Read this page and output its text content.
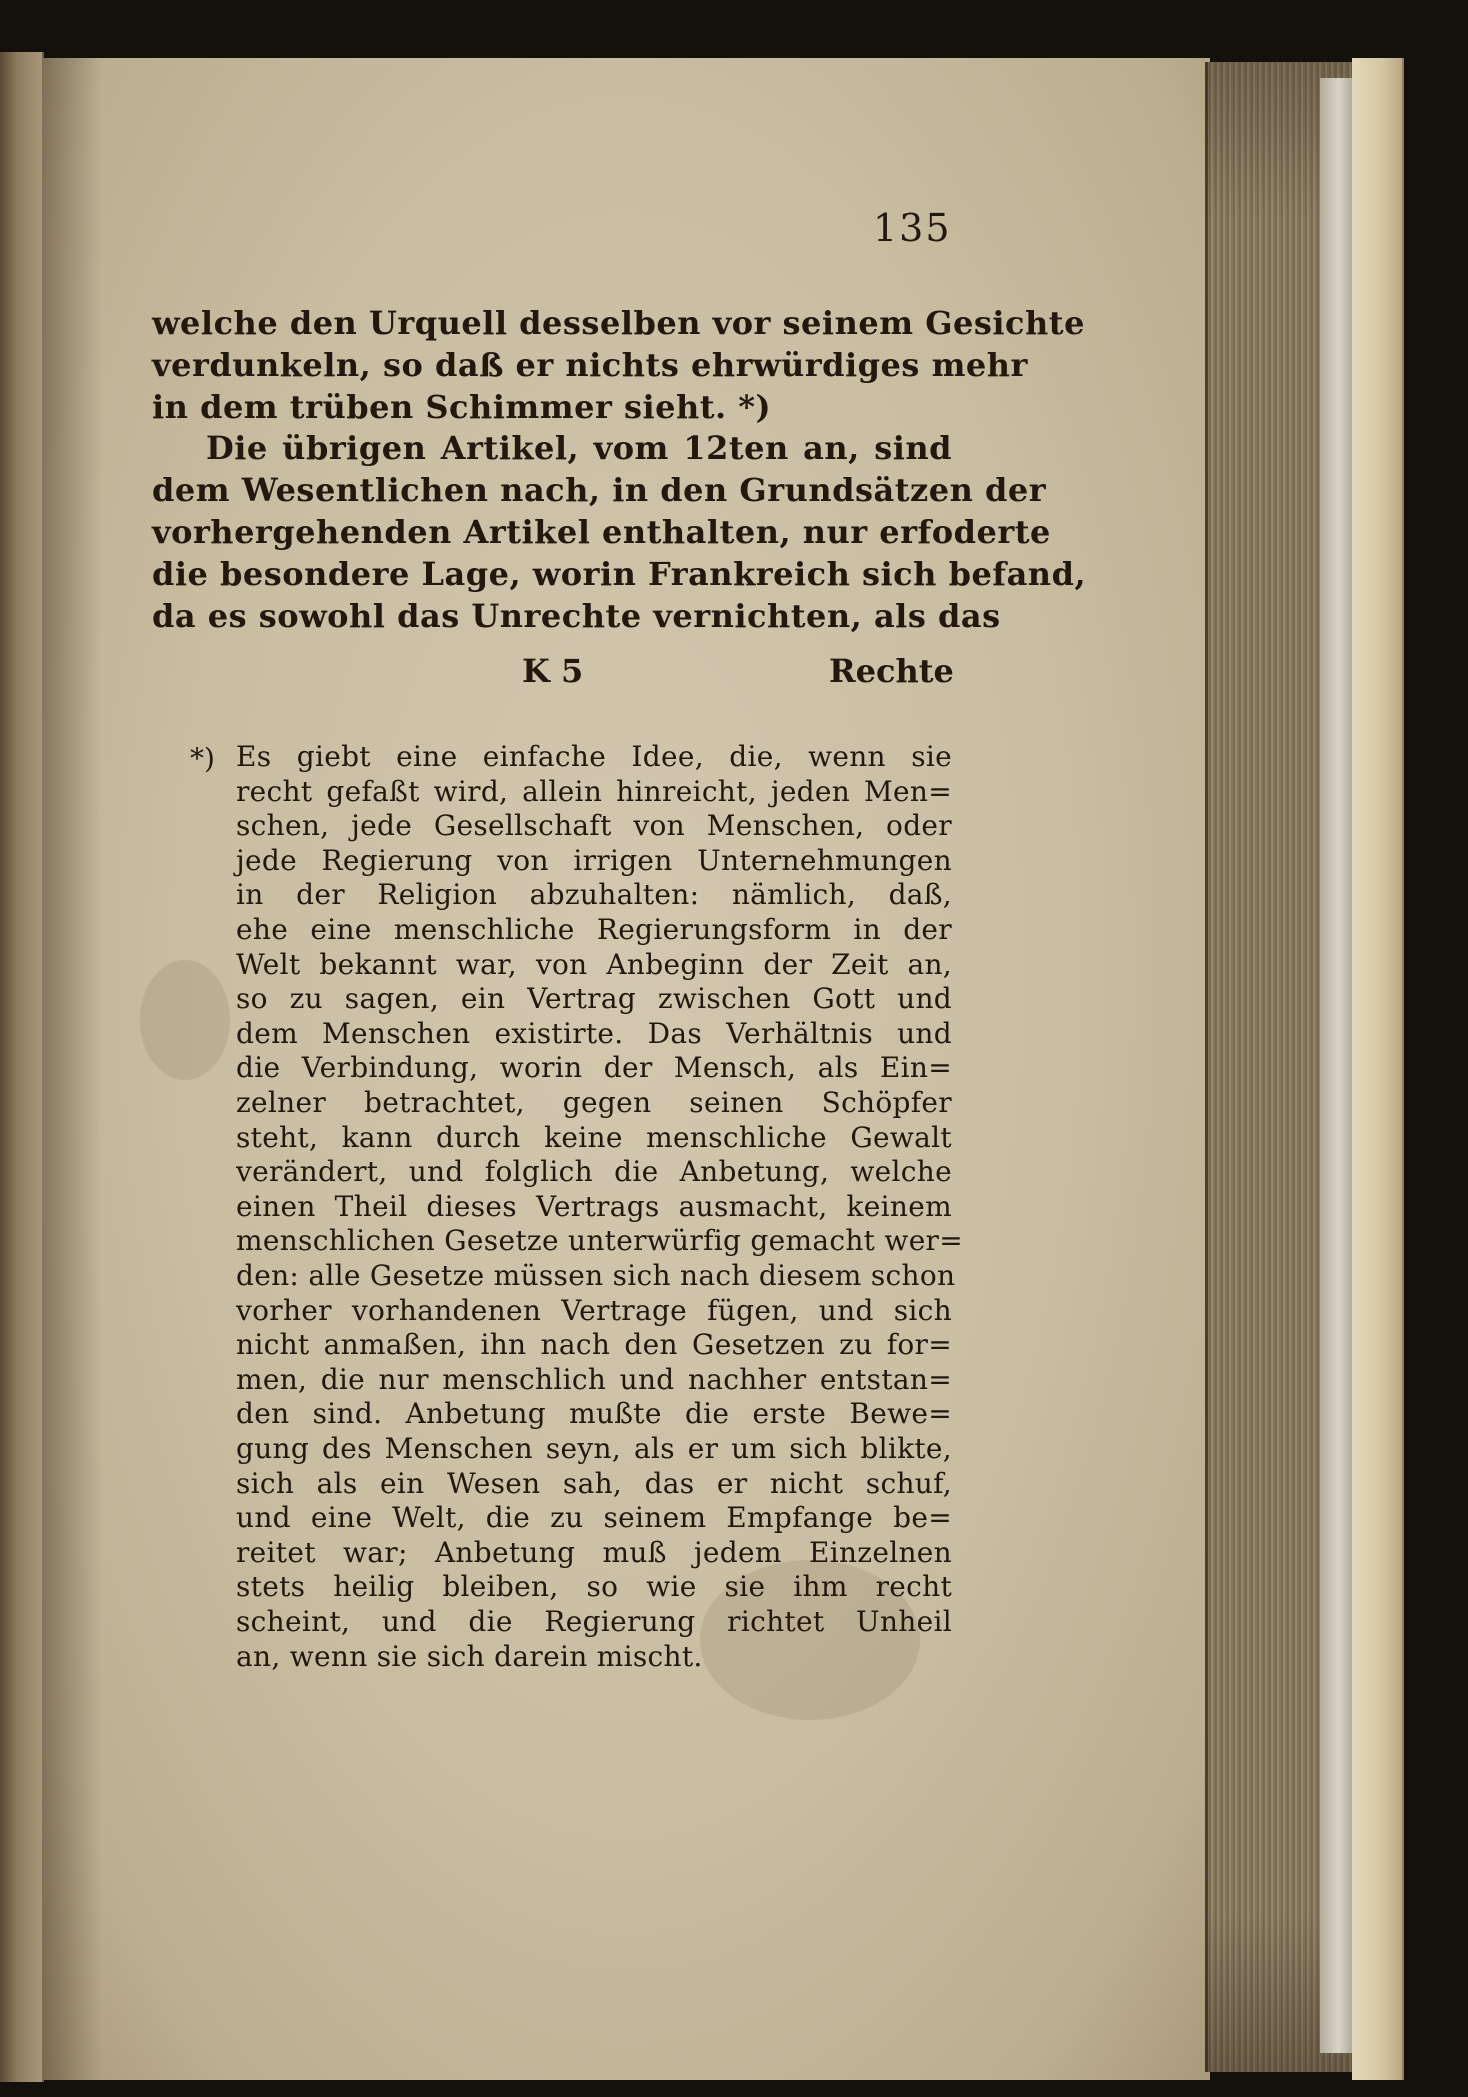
135
welche den Urquell desselben vor seinem Gesichte
verdunkeln, so daß er nichts ehrwürdiges mehr
in dem trüben Schimmer sieht. *)
Die übrigen Artikel, vom 12ten an, sind
dem Wesentlichen nach, in den Grundsätzen der
vorhergehenden Artikel enthalten, nur erfoderte
die besondere Lage, worin Frankreich sich befand,
da es sowohl das Unrechte vernichten, als das
K 5	Rechte
*) Es giebt eine einfache Idee, die, wenn sie
recht gefaßt wird, allein hinreicht, jeden Men=
schen, jede Gesellschaft von Menschen, oder
jede Regierung von irrigen Unternehmungen
in der Religion abzuhalten: nämlich, daß,
ehe eine menschliche Regierungsform in der
Welt bekannt war, von Anbeginn der Zeit an,
so zu sagen, ein Vertrag zwischen Gott und
dem Menschen existirte. Das Verhältnis und
die Verbindung, worin der Mensch, als Ein=
zelner betrachtet, gegen seinen Schöpfer
steht, kann durch keine menschliche Gewalt
verändert, und folglich die Anbetung, welche
einen Theil dieses Vertrags ausmacht, keinem
menschlichen Gesetze unterwürfig gemacht wer=
den: alle Gesetze müssen sich nach diesem schon
vorher vorhandenen Vertrage fügen, und sich
nicht anmaßen, ihn nach den Gesetzen zu for=
men, die nur menschlich und nachher entstan=
den sind. Anbetung mußte die erste Bewe=
gung des Menschen seyn, als er um sich blikte,
sich als ein Wesen sah, das er nicht schuf,
und eine Welt, die zu seinem Empfange be=
reitet war; Anbetung muß jedem Einzelnen
stets heilig bleiben, so wie sie ihm recht
scheint, und die Regierung richtet Unheil
an, wenn sie sich darein mischt.
